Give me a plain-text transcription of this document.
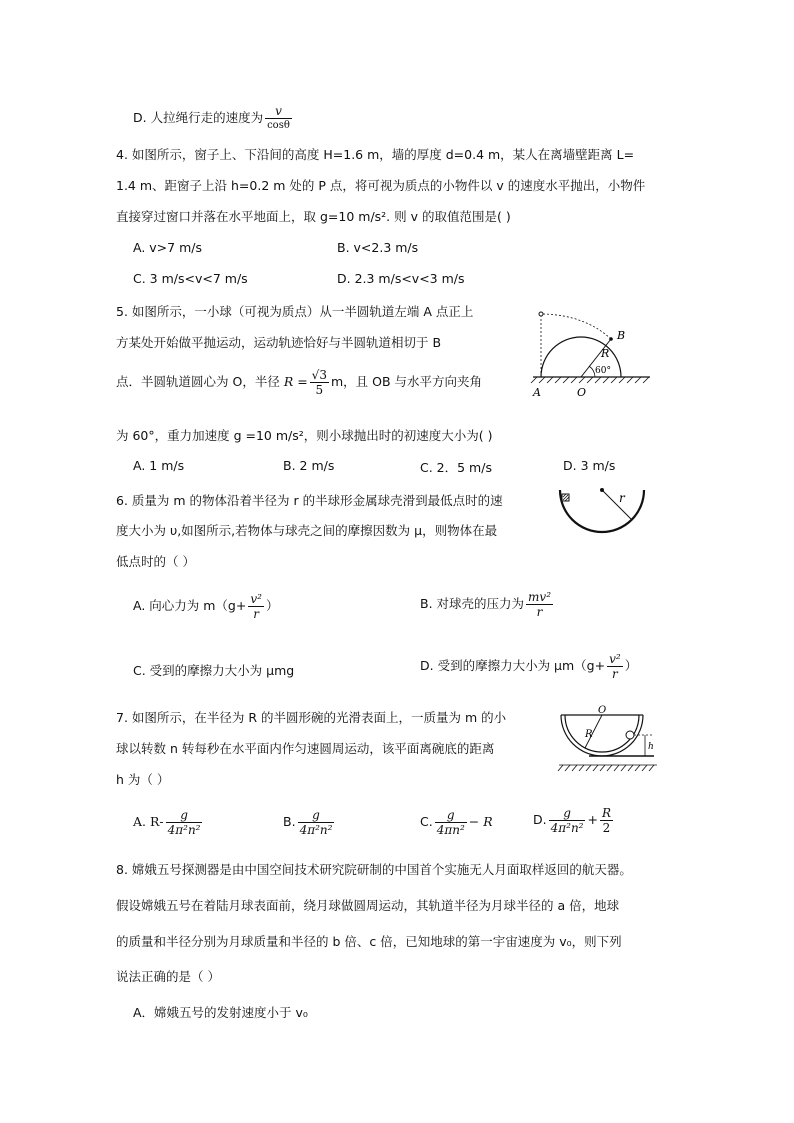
D. 人拉绳行走的速度为 $\frac{v}{\cos\theta}$
4. 如图所示，窗子上、下沿间的高度 H=1.6 m，墙的厚度 d=0.4 m，某人在离墙壁距离 L=
1.4 m、距窗子上沿 h=0.2 m 处的 P 点，将可视为质点的小物件以 v 的速度水平抛出，小物件
直接穿过窗口并落在水平地面上，取 g=10 m/s². 则 v 的取值范围是( )
A. v>7 m/s	B. v<2.3 m/s
C. 3 m/s<v<7 m/s	D. 2.3 m/s<v<3 m/s
5. 如图所示，一小球（可视为质点）从一半圆轨道左端 A 点正上
方某处开始做平抛运动，运动轨迹恰好与半圆轨道相切于 B
点．半圆轨道圆心为 O，半径 $R = \frac{√3}{5}$ m，且 OB 与水平方向夹角
为 60°，重力加速度 g =10 m/s²，则小球抛出时的初速度大小为( )
A. 1 m/s	B. 2 m/s	C. 2．5 m/s	D. 3 m/s
B
R
60°
A	O
6. 质量为 m 的物体沿着半径为 r 的半球形金属球壳滑到最低点时的速
度大小为 υ,如图所示,若物体与球壳之间的摩擦因数为 μ，则物体在最
低点时的（ ）
r
A. 向心力为 $m(g+ \frac{\text{v²}}{r}$ ）	B. 对球壳的压力为 $\frac{\text{mv²}}{r}$
C. 受到的摩擦力大小为 μmg	D. 受到的摩擦力大小为 $\mu m(g+ \frac{\text{v²}}{r}$ ）
7. 如图所示，在半径为 R 的半圆形碗的光滑表面上，一质量为 m 的小
球以转数 n 转每秒在水平面内作匀速圆周运动，该平面离碗底的距离
h 为（ ）
O
R
h
A. $R- \frac{g}{\text{4π²n²}}$	B. $\frac{g}{\text{4π²n²}}$	C. $\frac{g}{\text{4πn²}} - R$	D. $\frac{g}{\text{4π²n²}} + \frac{R}{2}$
8. 嫦娥五号探测器是由中国空间技术研究院研制的中国首个实施无人月面取样返回的航天器。
假设嫦娥五号在着陆月球表面前，绕月球做圆周运动，其轨道半径为月球半径的 a 倍，地球
的质量和半径分别为月球质量和半径的 b 倍、c 倍，已知地球的第一宇宙速度为 v₀，则下列
说法正确的是（ ）
A．嫦娥五号的发射速度小于 v₀
